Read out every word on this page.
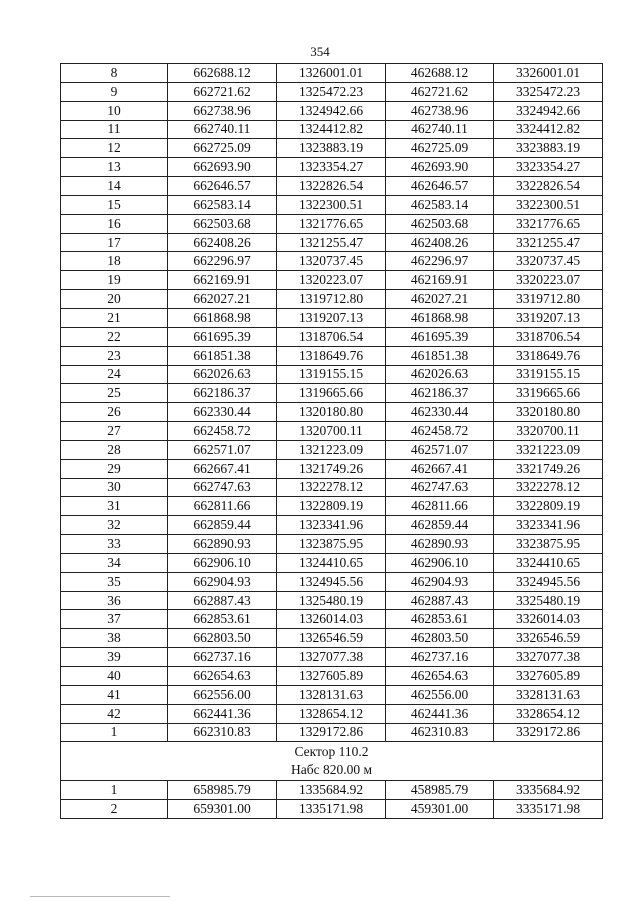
354
8	662688.12	1326001.01	462688.12	3326001.01
9	662721.62	1325472.23	462721.62	3325472.23
10	662738.96	1324942.66	462738.96	3324942.66
11	662740.11	1324412.82	462740.11	3324412.82
12	662725.09	1323883.19	462725.09	3323883.19
13	662693.90	1323354.27	462693.90	3323354.27
14	662646.57	1322826.54	462646.57	3322826.54
15	662583.14	1322300.51	462583.14	3322300.51
16	662503.68	1321776.65	462503.68	3321776.65
17	662408.26	1321255.47	462408.26	3321255.47
18	662296.97	1320737.45	462296.97	3320737.45
19	662169.91	1320223.07	462169.91	3320223.07
20	662027.21	1319712.80	462027.21	3319712.80
21	661868.98	1319207.13	461868.98	3319207.13
22	661695.39	1318706.54	461695.39	3318706.54
23	661851.38	1318649.76	461851.38	3318649.76
24	662026.63	1319155.15	462026.63	3319155.15
25	662186.37	1319665.66	462186.37	3319665.66
26	662330.44	1320180.80	462330.44	3320180.80
27	662458.72	1320700.11	462458.72	3320700.11
28	662571.07	1321223.09	462571.07	3321223.09
29	662667.41	1321749.26	462667.41	3321749.26
30	662747.63	1322278.12	462747.63	3322278.12
31	662811.66	1322809.19	462811.66	3322809.19
32	662859.44	1323341.96	462859.44	3323341.96
33	662890.93	1323875.95	462890.93	3323875.95
34	662906.10	1324410.65	462906.10	3324410.65
35	662904.93	1324945.56	462904.93	3324945.56
36	662887.43	1325480.19	462887.43	3325480.19
37	662853.61	1326014.03	462853.61	3326014.03
38	662803.50	1326546.59	462803.50	3326546.59
39	662737.16	1327077.38	462737.16	3327077.38
40	662654.63	1327605.89	462654.63	3327605.89
41	662556.00	1328131.63	462556.00	3328131.63
42	662441.36	1328654.12	462441.36	3328654.12
1	662310.83	1329172.86	462310.83	3329172.86

Сектор 110.2
Набс 820.00 м				

1	658985.79	1335684.92	458985.79	3335684.92
2	659301.00	1335171.98	459301.00	3335171.98
